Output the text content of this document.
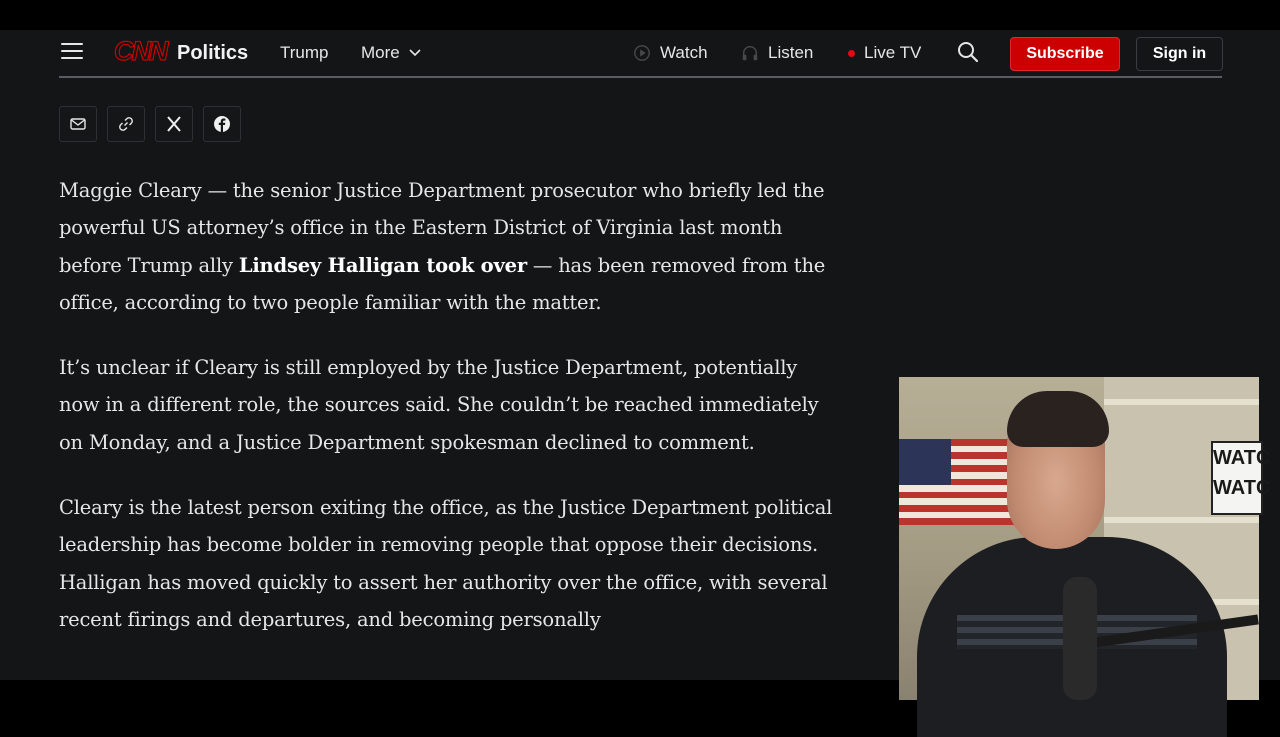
CNN Politics Trump More	Watch	Listen	Live TV	Subscribe	Sign in

Maggie Cleary — the senior Justice Department prosecutor who briefly led the powerful US attorney’s office in the Eastern District of Virginia last month before Trump ally Lindsey Halligan took over — has been removed from the office, according to two people familiar with the matter.

It’s unclear if Cleary is still employed by the Justice Department, potentially now in a different role, the sources said. She couldn’t be reached immediately on Monday, and a Justice Department spokesman declined to comment.

Cleary is the latest person exiting the office, as the Justice Department political leadership has become bolder in removing people that oppose their decisions. Halligan has moved quickly to assert her authority over the office, with several recent firings and departures, and becoming personally

WATC
WATC
